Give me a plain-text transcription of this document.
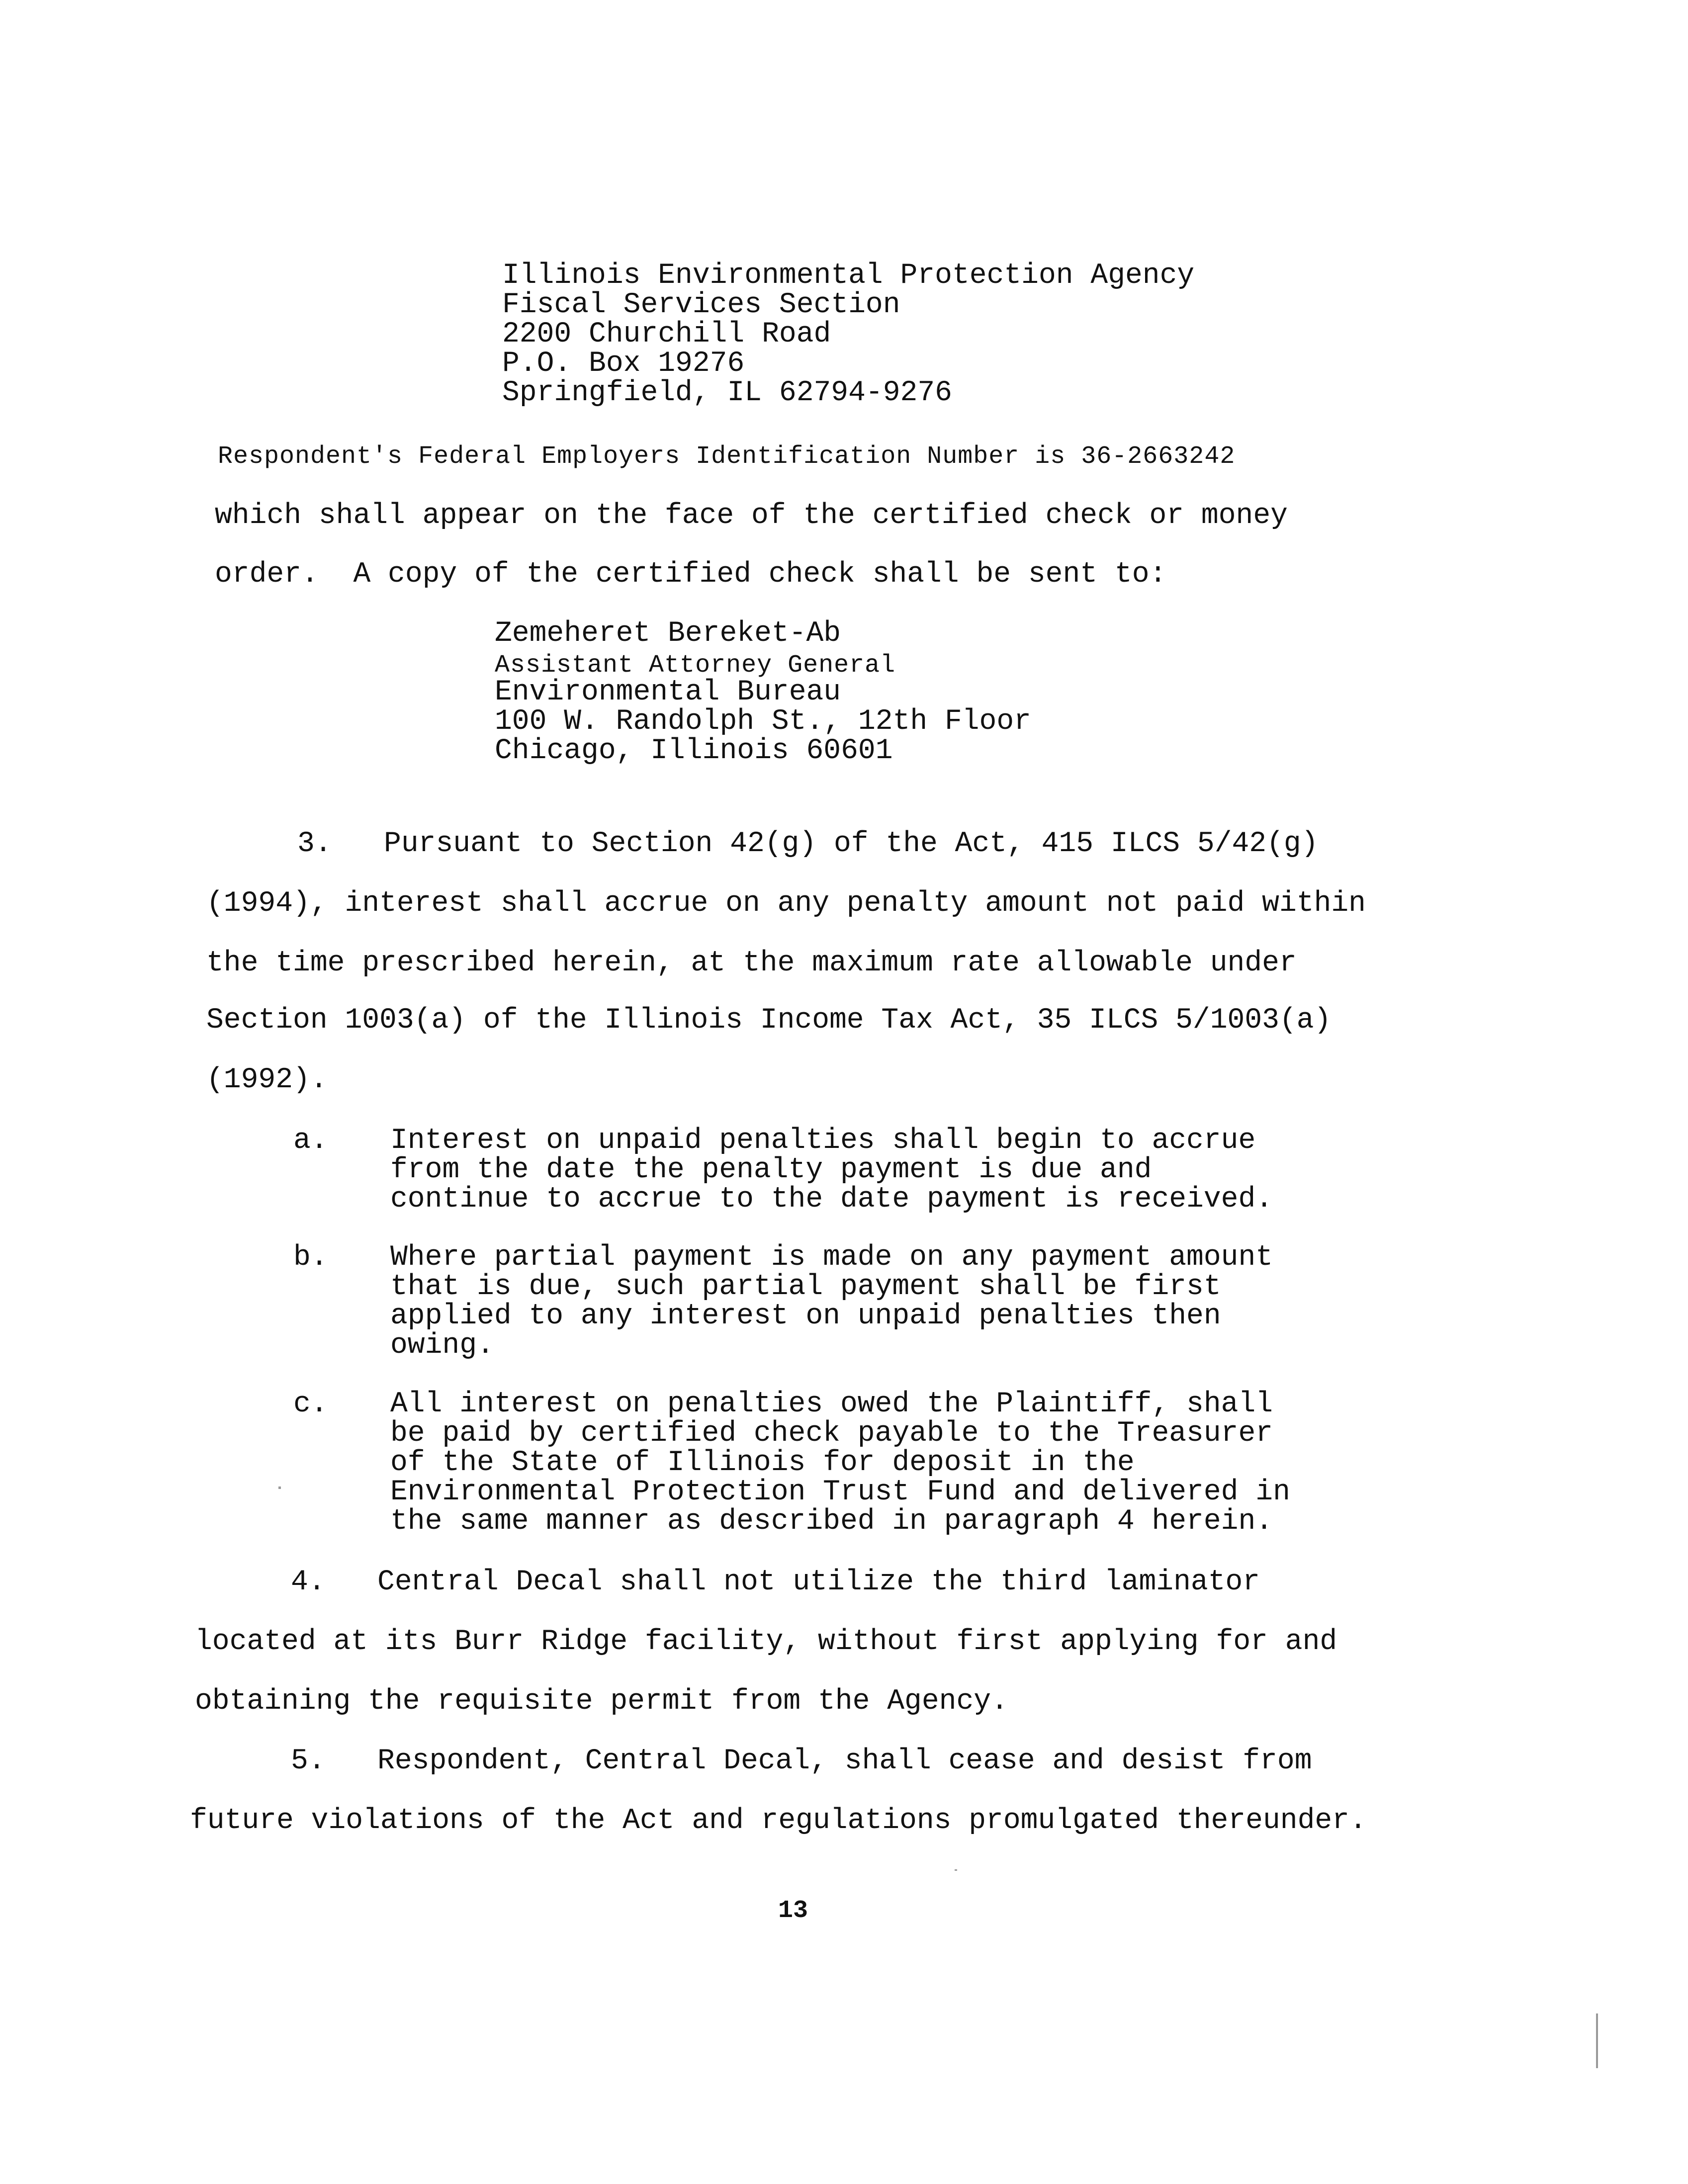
Illinois Environmental Protection Agency
Fiscal Services Section
2200 Churchill Road
P.O. Box 19276
Springfield, IL 62794-9276
Respondent's Federal Employers Identification Number is 36-2663242
which shall appear on the face of the certified check or money
order.  A copy of the certified check shall be sent to:
Zemeheret Bereket-Ab
Assistant Attorney General
Environmental Bureau
100 W. Randolph St., 12th Floor
Chicago, Illinois 60601
3.   Pursuant to Section 42(g) of the Act, 415 ILCS 5/42(g)
(1994), interest shall accrue on any penalty amount not paid within
the time prescribed herein, at the maximum rate allowable under
Section 1003(a) of the Illinois Income Tax Act, 35 ILCS 5/1003(a)
(1992).
a. Interest on unpaid penalties shall begin to accrue
from the date the penalty payment is due and
continue to accrue to the date payment is received.
b. Where partial payment is made on any payment amount
that is due, such partial payment shall be first
applied to any interest on unpaid penalties then
owing.
c. All interest on penalties owed the Plaintiff, shall
be paid by certified check payable to the Treasurer
of the State of Illinois for deposit in the
Environmental Protection Trust Fund and delivered in
the same manner as described in paragraph 4 herein.
4.   Central Decal shall not utilize the third laminator
located at its Burr Ridge facility, without first applying for and
obtaining the requisite permit from the Agency.
5.   Respondent, Central Decal, shall cease and desist from
future violations of the Act and regulations promulgated thereunder.
13
